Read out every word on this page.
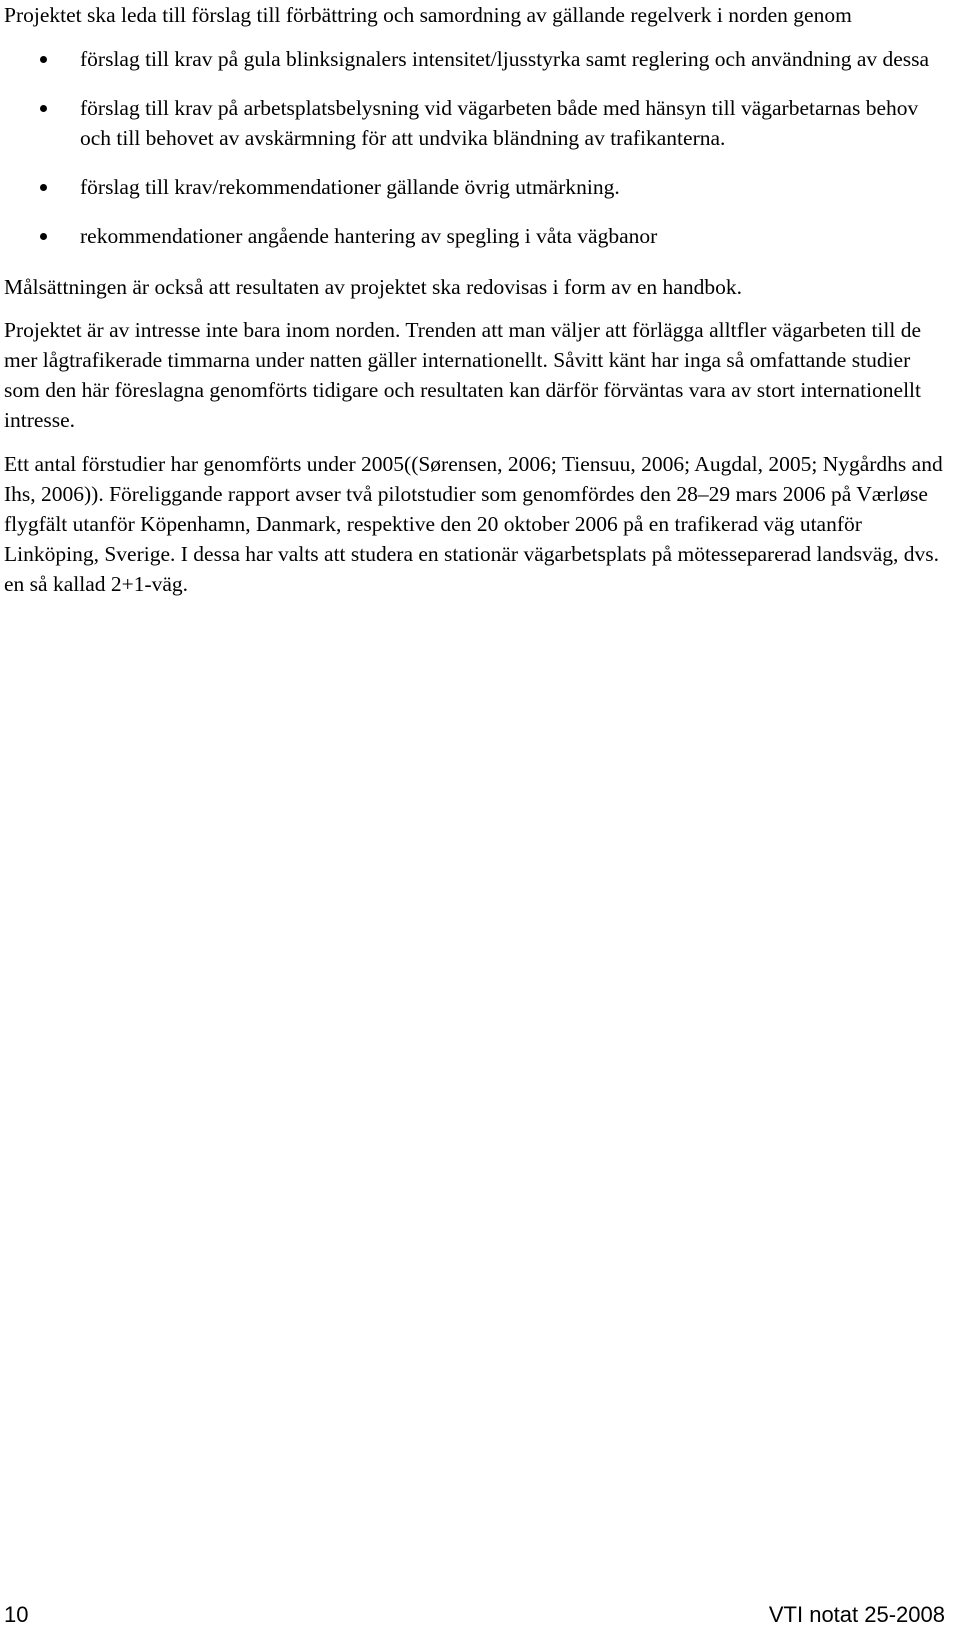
Projektet ska leda till förslag till förbättring och samordning av gällande regelverk i norden genom

förslag till krav på gula blinksignalers intensitet/ljusstyrka samt reglering och användning av dessa
förslag till krav på arbetsplatsbelysning vid vägarbeten både med hänsyn till vägarbetarnas behov och till behovet av avskärmning för att undvika bländning av trafikanterna.
förslag till krav/rekommendationer gällande övrig utmärkning.
rekommendationer angående hantering av spegling i våta vägbanor

Målsättningen är också att resultaten av projektet ska redovisas i form av en handbok.

Projektet är av intresse inte bara inom norden. Trenden att man väljer att förlägga alltfler vägarbeten till de mer lågtrafikerade timmarna under natten gäller internationellt. Såvitt känt har inga så omfattande studier som den här föreslagna genomförts tidigare och resultaten kan därför förväntas vara av stort internationellt intresse.

Ett antal förstudier har genomförts under 2005((Sørensen, 2006; Tiensuu, 2006; Augdal, 2005; Nygårdhs and Ihs, 2006)). Föreliggande rapport avser två pilotstudier som genomfördes den 28–29 mars 2006 på Værløse flygfält utanför Köpenhamn, Danmark, respektive den 20 oktober 2006 på en trafikerad väg utanför Linköping, Sverige. I dessa har valts att studera en stationär vägarbetsplats på mötesseparerad landsväg, dvs. en så kallad 2+1-väg.

10	VTI notat 25-2008
